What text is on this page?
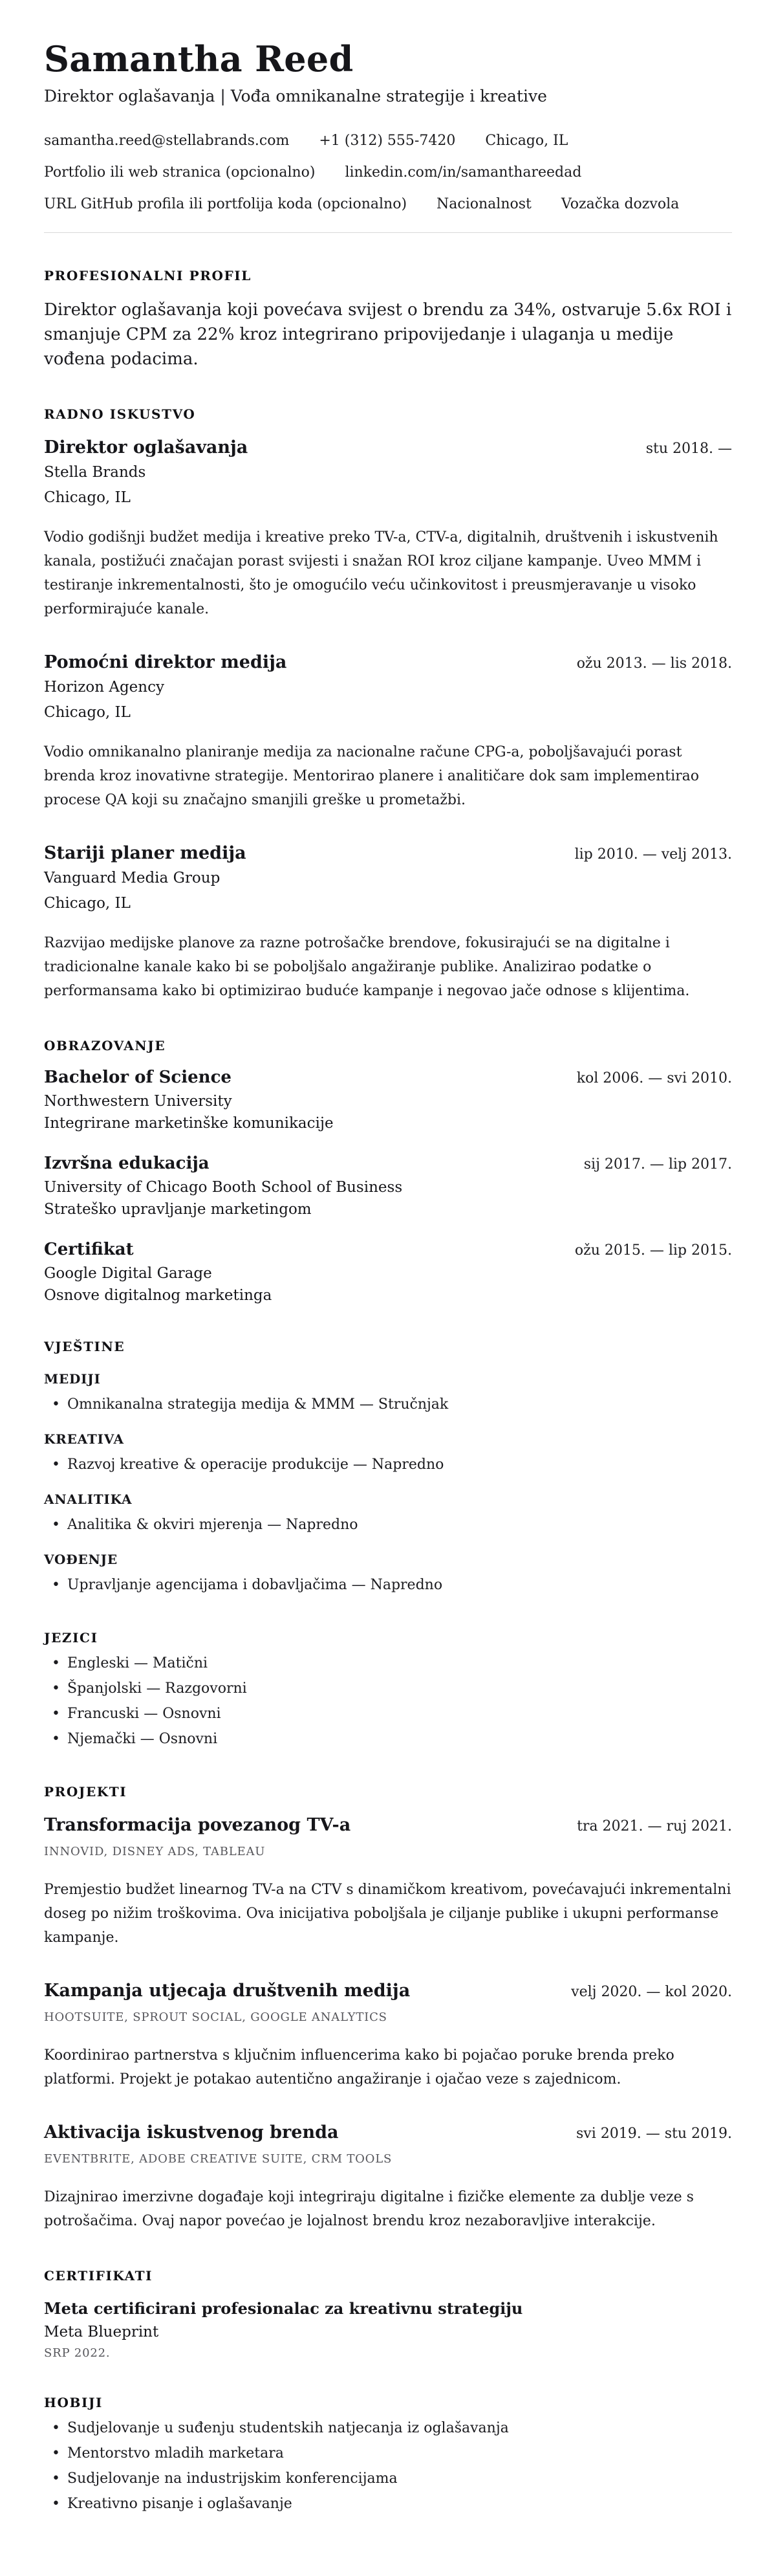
Samantha Reed
Direktor oglašavanja | Vođa omnikanalne strategije i kreative
samantha.reed@stellabrands.com +1 (312) 555-7420 Chicago, IL
Portfolio ili web stranica (opcionalno) linkedin.com/in/samanthareedad
URL GitHub profila ili portfolija koda (opcionalno) Nacionalnost Vozačka dozvola
PROFESIONALNI PROFIL

Direktor oglašavanja koji povećava svijest o brendu za 34%, ostvaruje 5.6x ROI i smanjuje CPM za 22% kroz integrirano pripovijedanje i ulaganja u medije vođena podacima.

RADNO ISKUSTVO
Direktor oglašavanja	stu 2018. —
Stella Brands
Chicago, IL

Vodio godišnji budžet medija i kreative preko TV-a, CTV-a, digitalnih, društvenih i iskustvenih kanala, postižući značajan porast svijesti i snažan ROI kroz ciljane kampanje. Uveo MMM i testiranje inkrementalnosti, što je omogućilo veću učinkovitost i preusmjeravanje u visoko performirajuće kanale.

Pomoćni direktor medija	ožu 2013. — lis 2018.
Horizon Agency
Chicago, IL

Vodio omnikanalno planiranje medija za nacionalne račune CPG-a, poboljšavajući porast brenda kroz inovativne strategije. Mentorirao planere i analitičare dok sam implementirao procese QA koji su značajno smanjili greške u prometažbi.

Stariji planer medija	lip 2010. — velj 2013.
Vanguard Media Group
Chicago, IL

Razvijao medijske planove za razne potrošačke brendove, fokusirajući se na digitalne i tradicionalne kanale kako bi se poboljšalo angažiranje publike. Analizirao podatke o performansama kako bi optimizirao buduće kampanje i negovao jače odnose s klijentima.

OBRAZOVANJE
Bachelor of Science	kol 2006. — svi 2010.
Northwestern University
Integrirane marketinške komunikacije
Izvršna edukacija	sij 2017. — lip 2017.
University of Chicago Booth School of Business
Strateško upravljanje marketingom
Certifikat	ožu 2015. — lip 2015.
Google Digital Garage
Osnove digitalnog marketinga
VJEŠTINE
MEDIJI
• Omnikanalna strategija medija & MMM — Stručnjak
KREATIVA
• Razvoj kreative & operacije produkcije — Napredno
ANALITIKA
• Analitika & okviri mjerenja — Napredno
VOĐENJE
• Upravljanje agencijama i dobavljačima — Napredno
JEZICI
• Engleski — Matični
• Španjolski — Razgovorni
• Francuski — Osnovni
• Njemački — Osnovni
PROJEKTI
Transformacija povezanog TV-a	tra 2021. — ruj 2021.
INNOVID, DISNEY ADS, TABLEAU

Premjestio budžet linearnog TV-a na CTV s dinamičkom kreativom, povećavajući inkrementalni doseg po nižim troškovima. Ova inicijativa poboljšala je ciljanje publike i ukupni performanse kampanje.

Kampanja utjecaja društvenih medija	velj 2020. — kol 2020.
HOOTSUITE, SPROUT SOCIAL, GOOGLE ANALYTICS

Koordinirao partnerstva s ključnim influencerima kako bi pojačao poruke brenda preko platformi. Projekt je potakao autentično angažiranje i ojačao veze s zajednicom.

Aktivacija iskustvenog brenda	svi 2019. — stu 2019.
EVENTBRITE, ADOBE CREATIVE SUITE, CRM TOOLS

Dizajnirao imerzivne događaje koji integriraju digitalne i fizičke elemente za dublje veze s potrošačima. Ovaj napor povećao je lojalnost brendu kroz nezaboravljive interakcije.

CERTIFIKATI
Meta certificirani profesionalac za kreativnu strategiju
Meta Blueprint
SRP 2022.
HOBIJI
• Sudjelovanje u suđenju studentskih natjecanja iz oglašavanja
• Mentorstvo mladih marketara
• Sudjelovanje na industrijskim konferencijama
• Kreativno pisanje i oglašavanje
